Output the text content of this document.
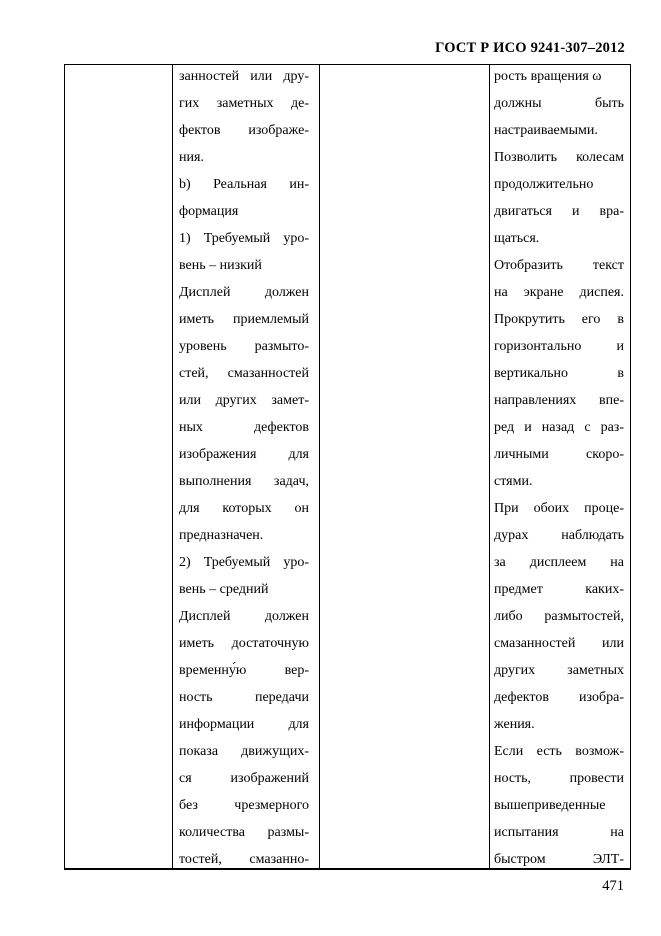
ГОСТ Р ИСО 9241-307–2012
занностей или дру-
гих заметных де-
фектов изображе-
ния.
b) Реальная ин-
формация
1) Требуемый уро-
вень – низкий
Дисплей должен
иметь приемлемый
уровень размыто-
стей, смазанностей
или других замет-
ных дефектов
изображения для
выполнения задач,
для которых он
предназначен.
2) Требуемый уро-
вень – средний
Дисплей должен
иметь достаточную
временну́ю вер-
ность передачи
информации для
показа движущих-
ся изображений
без чрезмерного
количества размы-
тостей, смазанно-
рость вращения ω
должны быть
настраиваемыми.
Позволить колесам
продолжительно
двигаться и вра-
щаться.
Отобразить текст
на экране диспея.
Прокрутить его в
горизонтально и
вертикально в
направлениях впе-
ред и назад с раз-
личными скоро-
стями.
При обоих проце-
дурах наблюдать
за дисплеем на
предмет каких-
либо размытостей,
смазанностей или
других заметных
дефектов изобра-
жения.
Если есть возмож-
ность, провести
вышеприведенные
испытания на
быстром ЭЛТ-
471
